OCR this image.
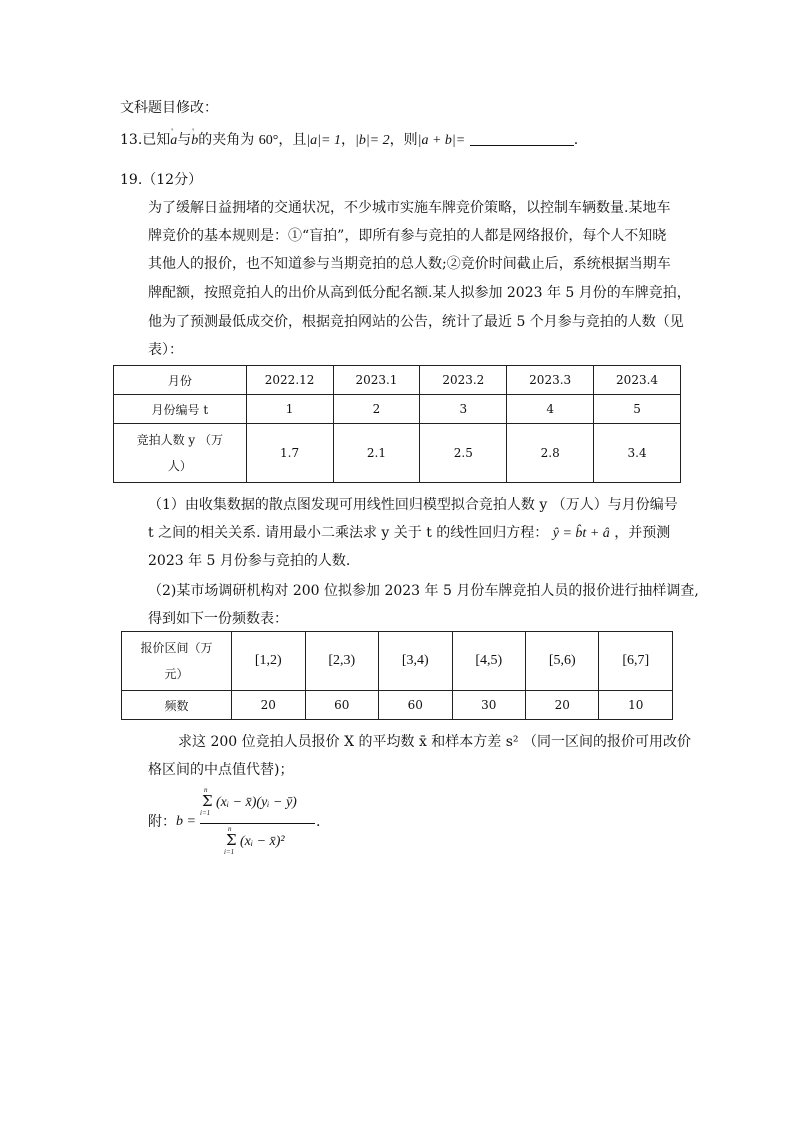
文科题目修改：
13.已知' a与' b的夹角为 60°，且|a|= 1，|b|= 2，则|a + b|=	.
19.（12分）
为了缓解日益拥堵的交通状况，不少城市实施车牌竞价策略，以控制车辆数量.某地车
牌竞价的基本规则是：①“盲拍”，即所有参与竞拍的人都是网络报价，每个人不知晓
其他人的报价，也不知道参与当期竞拍的总人数;②竞价时间截止后，系统根据当期车
牌配额，按照竞拍人的出价从高到低分配名额.某人拟参加 2023 年 5 月份的车牌竞拍，
他为了预测最低成交价，根据竞拍网站的公告，统计了最近 5 个月参与竞拍的人数（见
表）：
月份	2022.12	2023.1	2023.2	2023.3	2023.4
月份编号 t	1	2	3	4	5

竞拍人数 y （万
人）	1.7	2.1	2.5	2.8	3.4
（1）由收集数据的散点图发现可用线性回归模型拟合竞拍人数 y （万人）与月份编号
t 之间的相关关系. 请用最小二乘法求 y 关于 t 的线性回归方程： ŷ = b̂t + â ，并预测
2023 年 5 月份参与竞拍的人数.
（2)某市场调研机构对 200 位拟参加 2023 年 5 月份车牌竞拍人员的报价进行抽样调查,
得到如下一份频数表：
报价区间（万
元）	[1,2)	[2,3)	[3,4)	[4,5)	[5,6)	[6,7]
频数	20	60	60	30	20	10
求这 200 位竞拍人员报价 X 的平均数 x̄ 和样本方差 s² （同一区间的报价可用改价
格区间的中点值代替)；
附： b =
n
Σ
i=1
(xᵢ − x̄)(yᵢ − ȳ)
n
Σ
i=1
(xᵢ − x̄)²
.
